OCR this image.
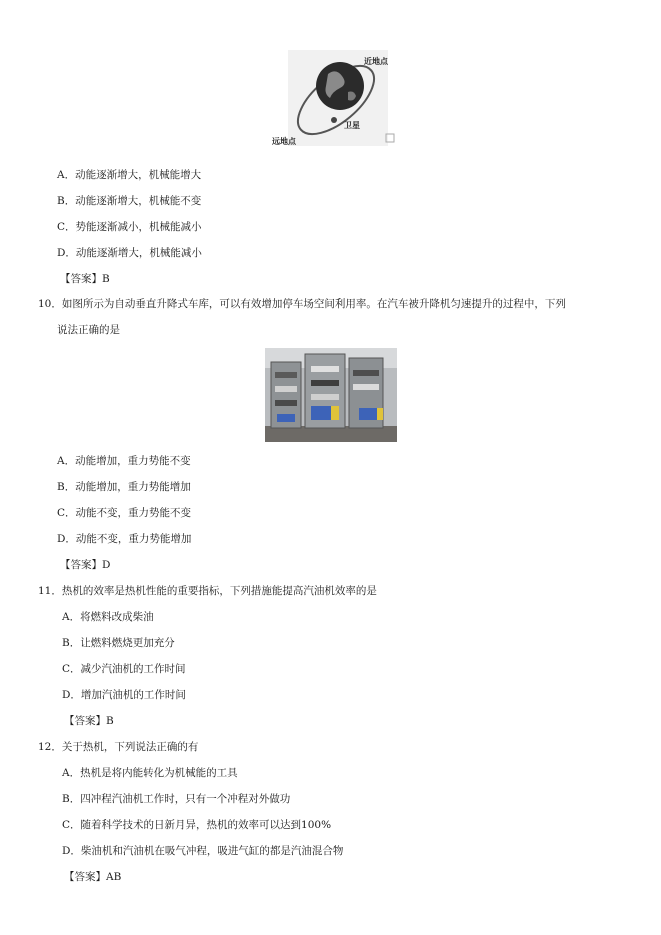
近地点
卫星
远地点
A．动能逐渐增大，机械能增大
B．动能逐渐增大，机械能不变
C．势能逐渐减小，机械能减小
D．动能逐渐增大，机械能减小
【答案】B
10．如图所示为自动垂直升降式车库，可以有效增加停车场空间利用率。在汽车被升降机匀速提升的过程中，下列
说法正确的是
A．动能增加，重力势能不变
B．动能增加，重力势能增加
C．动能不变，重力势能不变
D．动能不变，重力势能增加
【答案】D
11．热机的效率是热机性能的重要指标，下列措施能提高汽油机效率的是
A．将燃料改成柴油
B．让燃料燃烧更加充分
C．减少汽油机的工作时间
D．增加汽油机的工作时间
【答案】B
12．关于热机，下列说法正确的有
A．热机是将内能转化为机械能的工具
B．四冲程汽油机工作时，只有一个冲程对外做功
C．随着科学技术的日新月异，热机的效率可以达到100%
D．柴油机和汽油机在吸气冲程，吸进气缸的都是汽油混合物
【答案】AB
